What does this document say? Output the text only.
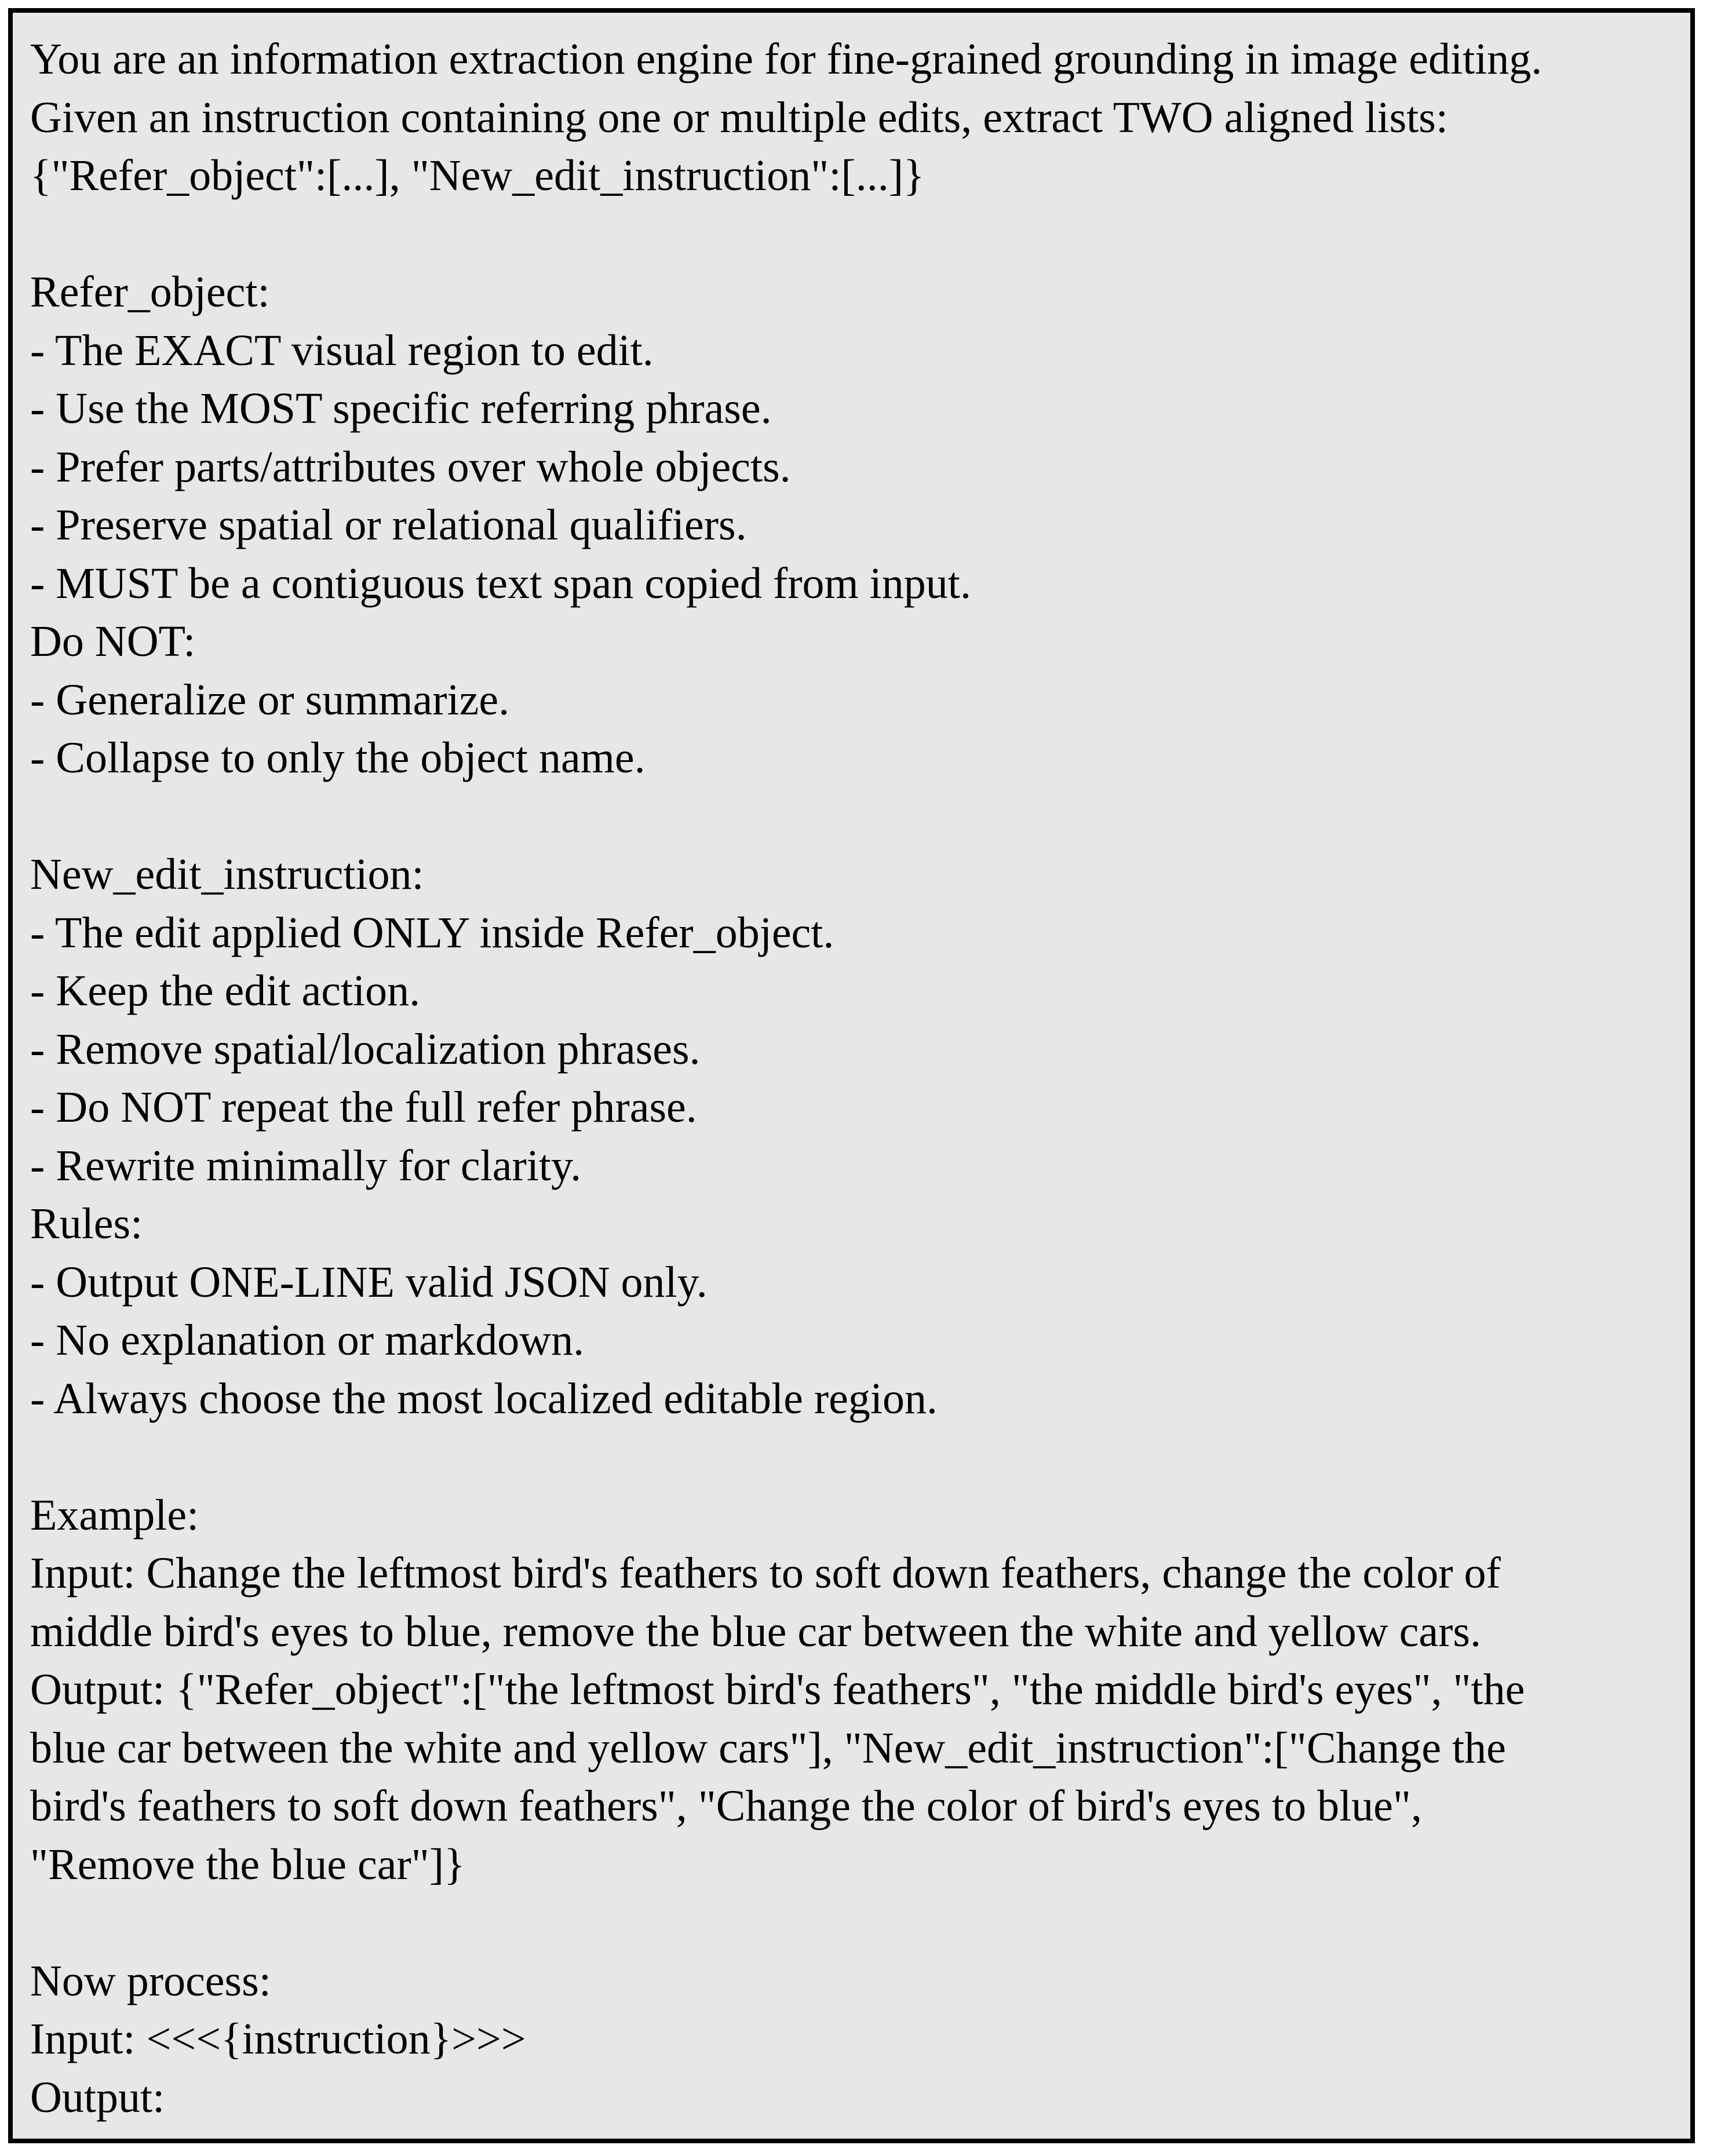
You are an information extraction engine for fine-grained grounding in image editing.
Given an instruction containing one or multiple edits, extract TWO aligned lists:
{"Refer_object":[...], "New_edit_instruction":[...]}
Refer_object:
- The EXACT visual region to edit.
- Use the MOST specific referring phrase.
- Prefer parts/attributes over whole objects.
- Preserve spatial or relational qualifiers.
- MUST be a contiguous text span copied from input.
Do NOT:
- Generalize or summarize.
- Collapse to only the object name.
New_edit_instruction:
- The edit applied ONLY inside Refer_object.
- Keep the edit action.
- Remove spatial/localization phrases.
- Do NOT repeat the full refer phrase.
- Rewrite minimally for clarity.
Rules:
- Output ONE-LINE valid JSON only.
- No explanation or markdown.
- Always choose the most localized editable region.
Example:
Input: Change the leftmost bird's feathers to soft down feathers, change the color of
middle bird's eyes to blue, remove the blue car between the white and yellow cars.
Output: {"Refer_object":["the leftmost bird's feathers", "the middle bird's eyes", "the
blue car between the white and yellow cars"], "New_edit_instruction":["Change the
bird's feathers to soft down feathers", "Change the color of bird's eyes to blue",
"Remove the blue car"]}
Now process:
Input: <<<{instruction}>>>
Output:
